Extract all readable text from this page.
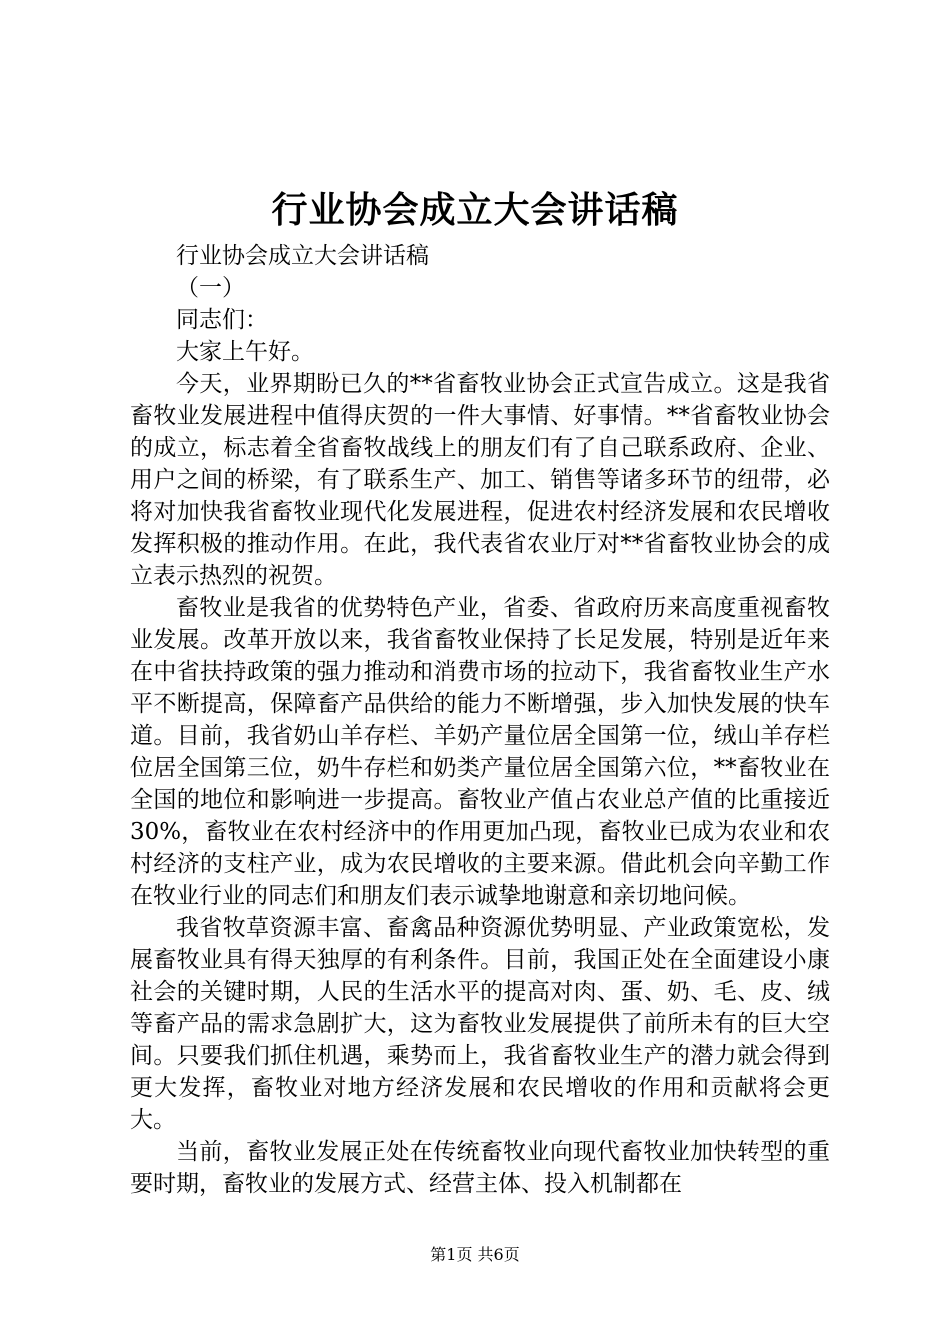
行业协会成立大会讲话稿

行业协会成立大会讲话稿

（一）

同志们：

大家上午好。

今天，业界期盼已久的**省畜牧业协会正式宣告成立。这是我省畜牧业发展进程中值得庆贺的一件大事情、好事情。**省畜牧业协会的成立，标志着全省畜牧战线上的朋友们有了自己联系政府、企业、用户之间的桥梁，有了联系生产、加工、销售等诸多环节的纽带，必将对加快我省畜牧业现代化发展进程，促进农村经济发展和农民增收发挥积极的推动作用。在此，我代表省农业厅对**省畜牧业协会的成立表示热烈的祝贺。

畜牧业是我省的优势特色产业，省委、省政府历来高度重视畜牧业发展。改革开放以来，我省畜牧业保持了长足发展，特别是近年来在中省扶持政策的强力推动和消费市场的拉动下，我省畜牧业生产水平不断提高，保障畜产品供给的能力不断增强，步入加快发展的快车道。目前，我省奶山羊存栏、羊奶产量位居全国第一位，绒山羊存栏位居全国第三位，奶牛存栏和奶类产量位居全国第六位，**畜牧业在全国的地位和影响进一步提高。畜牧业产值占农业总产值的比重接近30%，畜牧业在农村经济中的作用更加凸现，畜牧业已成为农业和农村经济的支柱产业，成为农民增收的主要来源。借此机会向辛勤工作在牧业行业的同志们和朋友们表示诚挚地谢意和亲切地问候。

我省牧草资源丰富、畜禽品种资源优势明显、产业政策宽松，发展畜牧业具有得天独厚的有利条件。目前，我国正处在全面建设小康社会的关键时期，人民的生活水平的提高对肉、蛋、奶、毛、皮、绒等畜产品的需求急剧扩大，这为畜牧业发展提供了前所未有的巨大空间。只要我们抓住机遇，乘势而上，我省畜牧业生产的潜力就会得到更大发挥，畜牧业对地方经济发展和农民增收的作用和贡献将会更大。

当前，畜牧业发展正处在传统畜牧业向现代畜牧业加快转型的重要时期，畜牧业的发展方式、经营主体、投入机制都在

第1页 共6页
